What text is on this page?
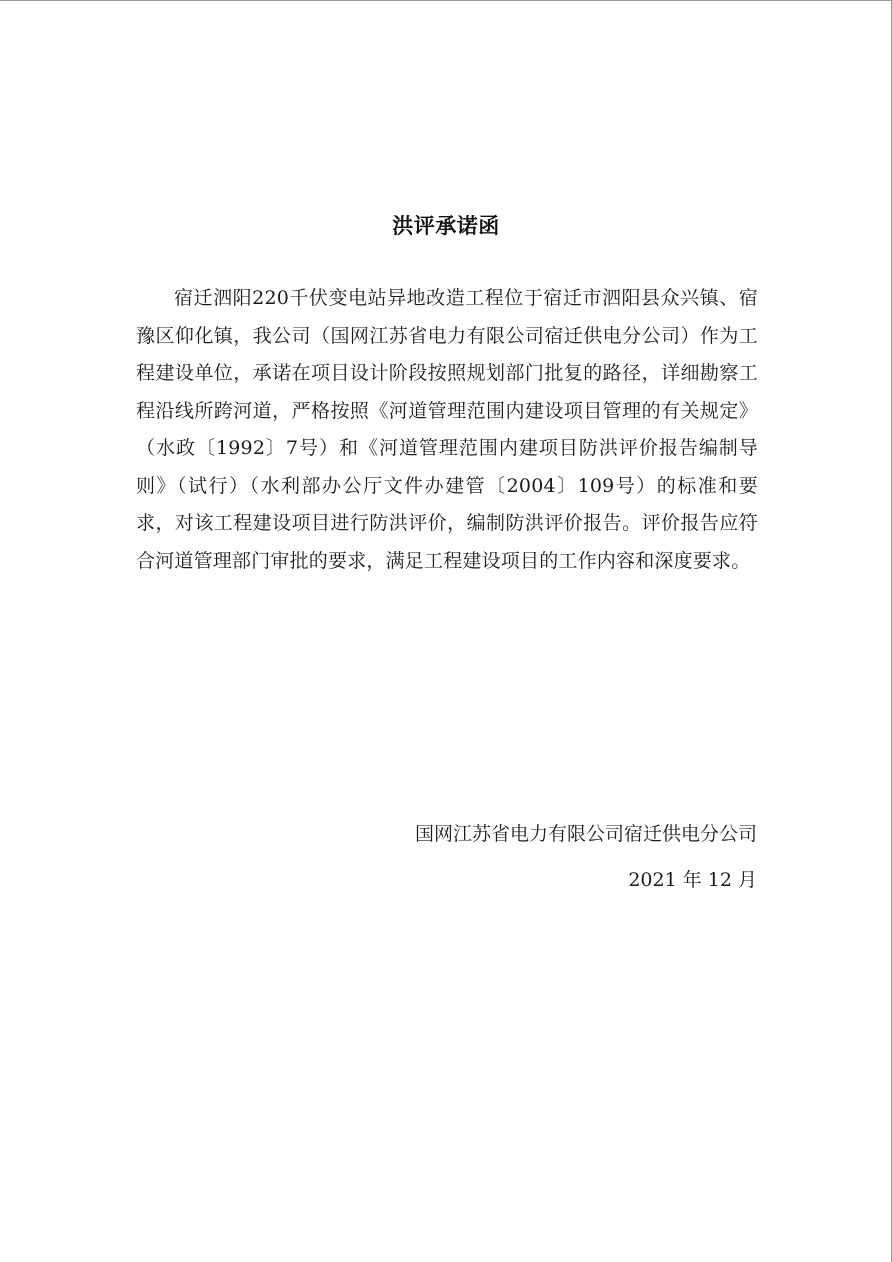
洪评承诺函

宿迁泗阳220千伏变电站异地改造工程位于宿迁市泗阳县众兴镇、宿豫区仰化镇，我公司（国网江苏省电力有限公司宿迁供电分公司）作为工程建设单位，承诺在项目设计阶段按照规划部门批复的路径，详细勘察工程沿线所跨河道，严格按照《河道管理范围内建设项目管理的有关规定》（水政〔1992〕7号）和《河道管理范围内建项目防洪评价报告编制导则》（试行）（水利部办公厅文件办建管〔2004〕109号）的标准和要求，对该工程建设项目进行防洪评价，编制防洪评价报告。评价报告应符合河道管理部门审批的要求，满足工程建设项目的工作内容和深度要求。

国网江苏省电力有限公司宿迁供电分公司
2021 年 12 月
